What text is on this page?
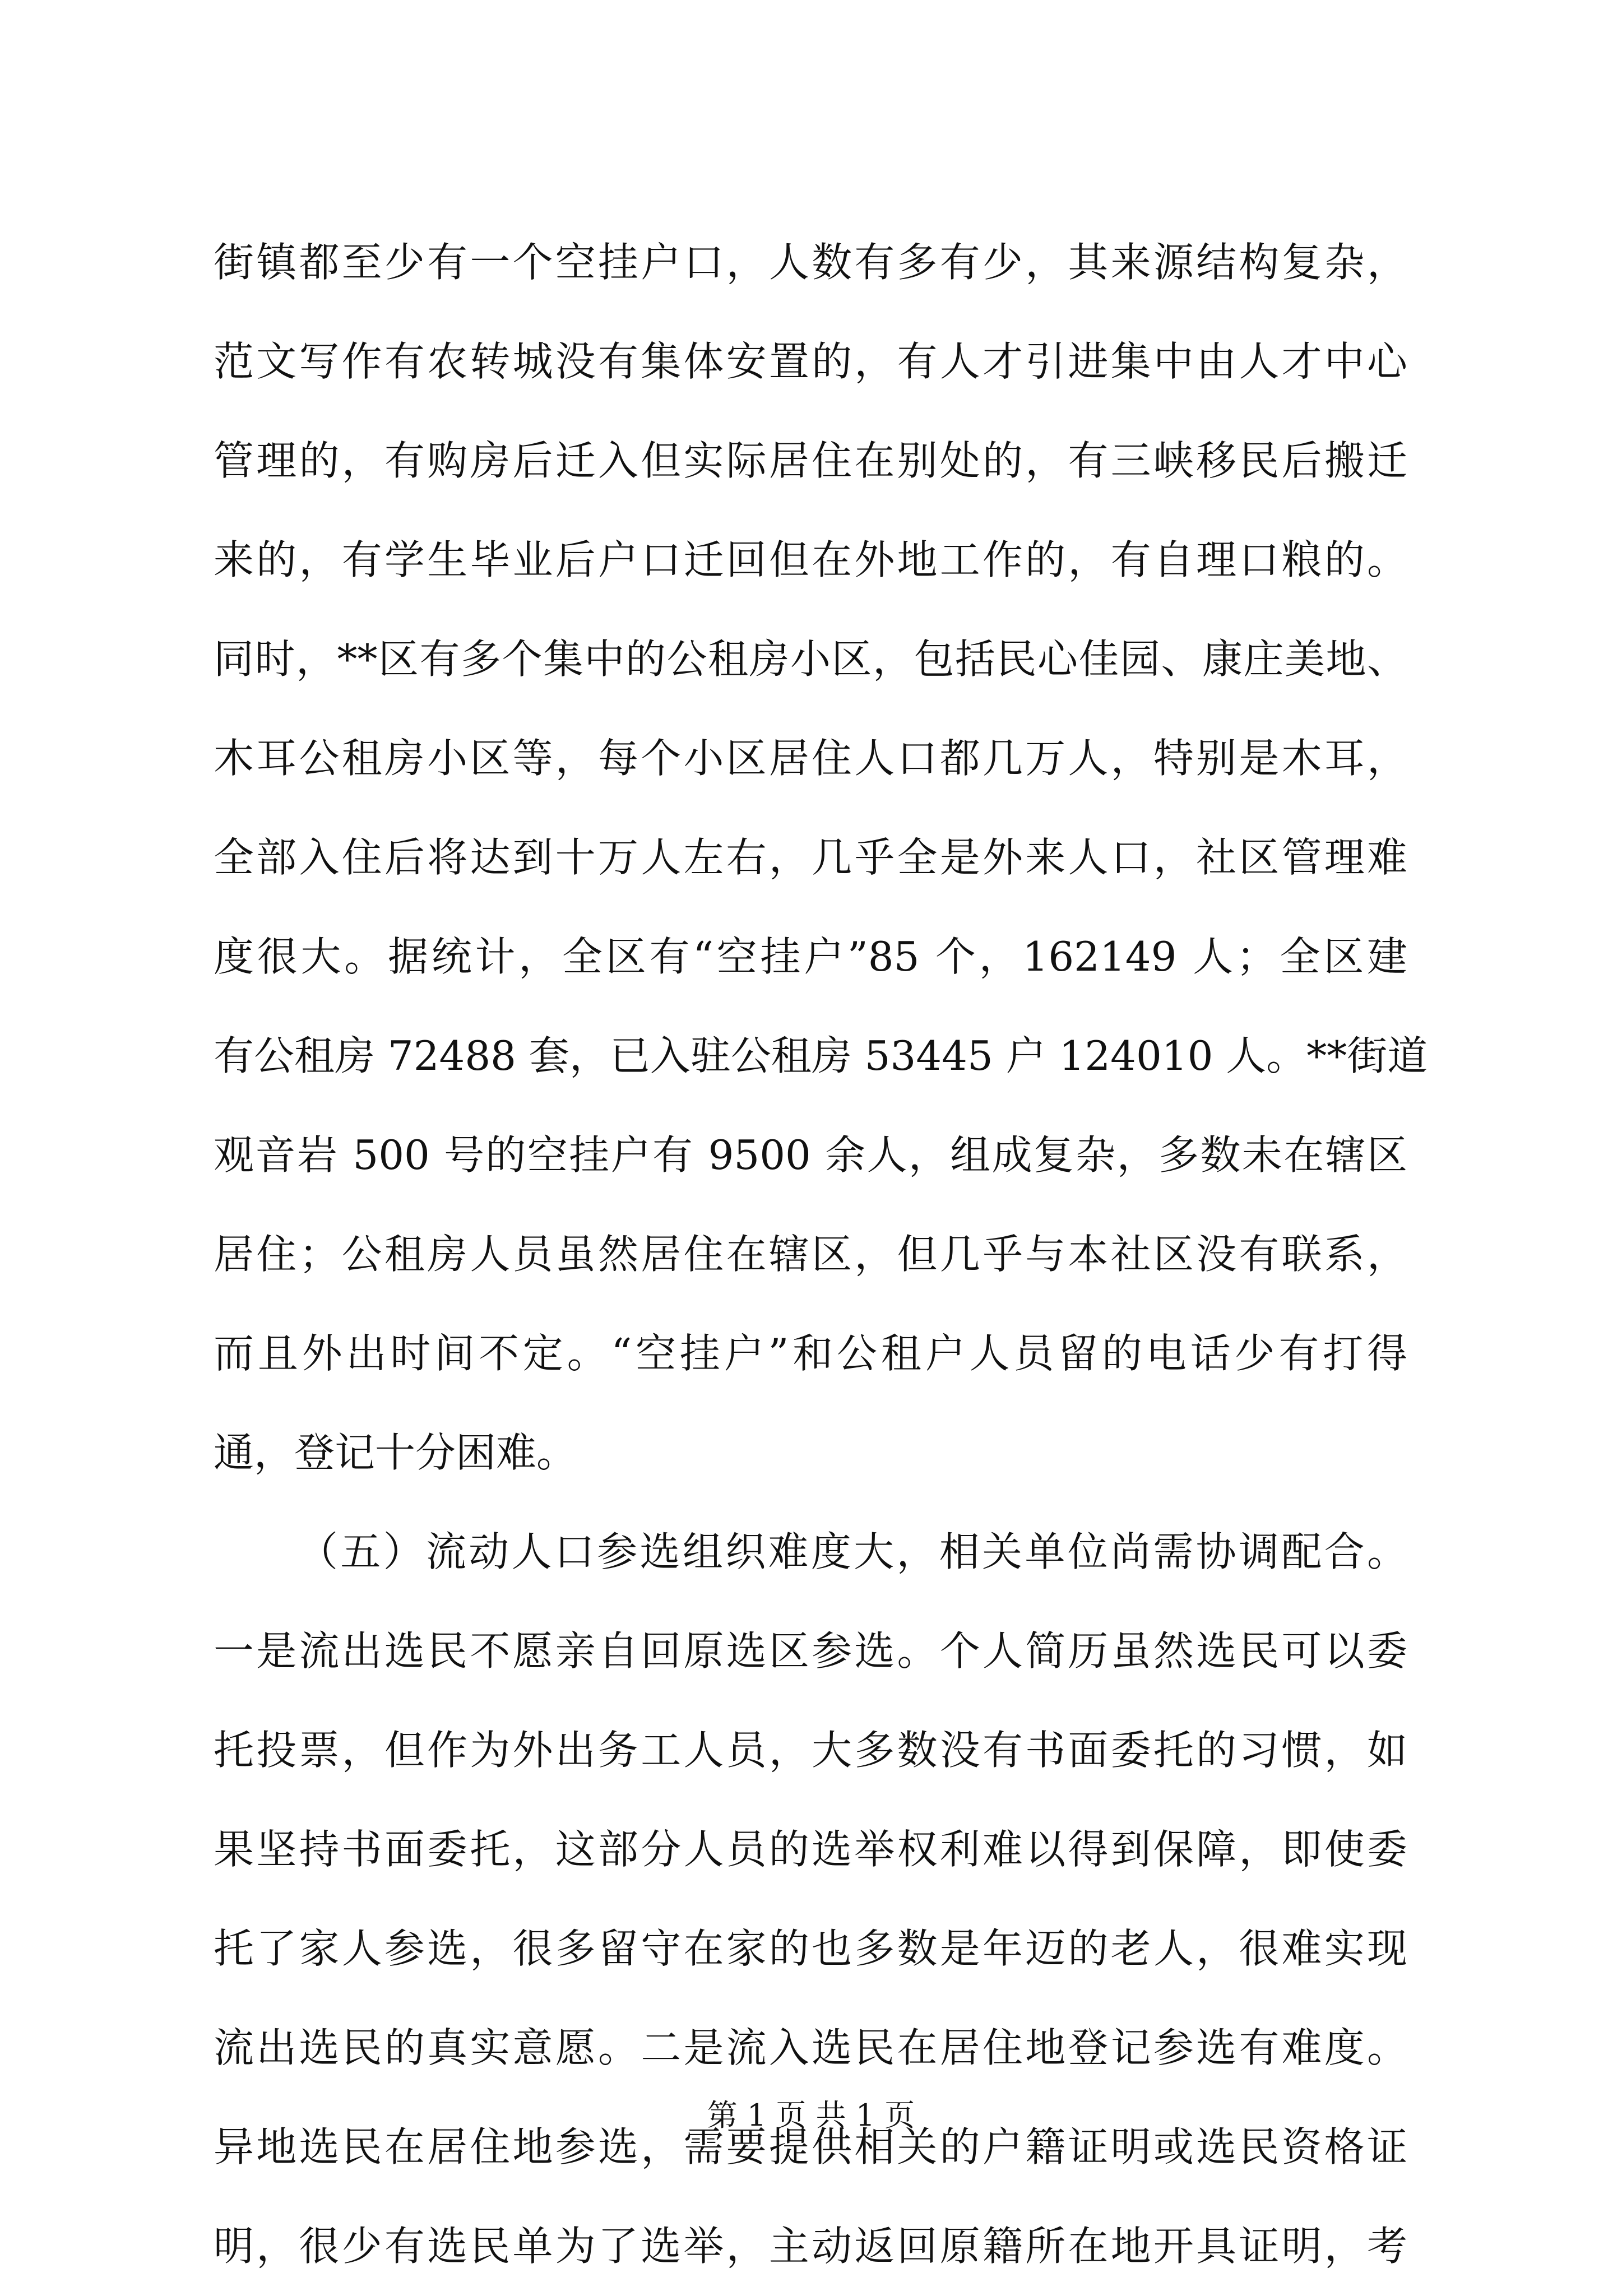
街镇都至少有一个空挂户口，人数有多有少，其来源结构复杂，
范文写作有农转城没有集体安置的，有人才引进集中由人才中心
管理的，有购房后迁入但实际居住在别处的，有三峡移民后搬迁
来的，有学生毕业后户口迁回但在外地工作的，有自理口粮的。
同时，**区有多个集中的公租房小区，包括民心佳园、康庄美地、
木耳公租房小区等，每个小区居住人口都几万人，特别是木耳，
全部入住后将达到十万人左右，几乎全是外来人口，社区管理难
度很大。据统计，全区有“空挂户”85 个，162149 人；全区建
有公租房 72488 套，已入驻公租房 53445 户 124010 人。**街道
观音岩 500 号的空挂户有 9500 余人，组成复杂，多数未在辖区
居住；公租房人员虽然居住在辖区，但几乎与本社区没有联系，
而且外出时间不定。“空挂户”和公租户人员留的电话少有打得
通，登记十分困难。
（五）流动人口参选组织难度大，相关单位尚需协调配合。
一是流出选民不愿亲自回原选区参选。个人简历虽然选民可以委
托投票，但作为外出务工人员，大多数没有书面委托的习惯，如
果坚持书面委托，这部分人员的选举权利难以得到保障，即使委
托了家人参选，很多留守在家的也多数是年迈的老人，很难实现
流出选民的真实意愿。二是流入选民在居住地登记参选有难度。
异地选民在居住地参选，需要提供相关的户籍证明或选民资格证
明，很少有选民单为了选举，主动返回原籍所在地开具证明，考
第 1 页 共 1 页
